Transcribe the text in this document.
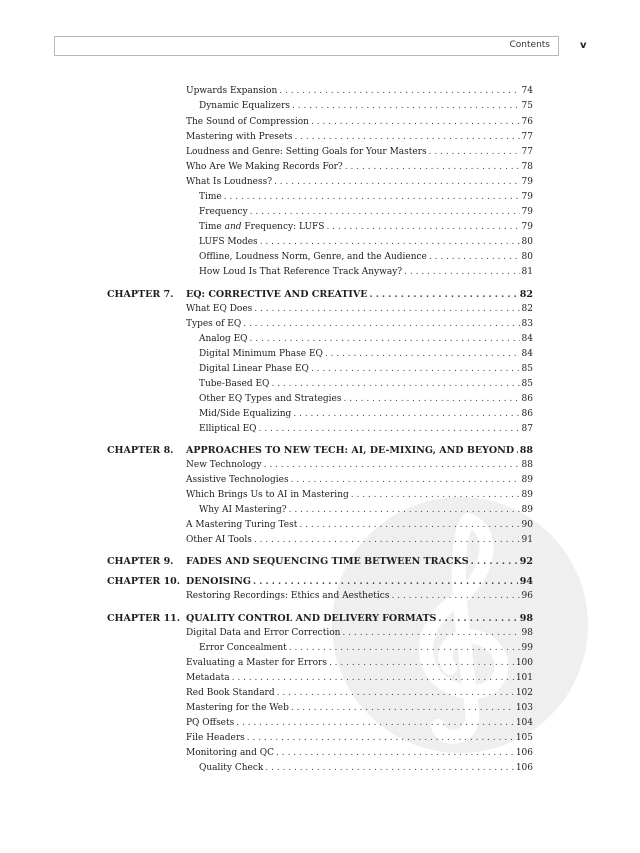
Contents	v
Upwards Expansion . . .	74
Dynamic Equalizers . . .	75
The Sound of Compression . . .	76
Mastering with Presets . . .	77
Loudness and Genre: Setting Goals for Your Masters . . .	77
Who Are We Making Records For? . . .	78
What Is Loudness? . . .	79
Time . . .	79
Frequency . . .	79
Time and Frequency: LUFS . . .	79
LUFS Modes . . .	80
Offline, Loudness Norm, Genre, and the Audience . . .	80
How Loud Is That Reference Track Anyway? . . .	81
CHAPTER 7. EQ: CORRECTIVE AND CREATIVE . . .	82
What EQ Does . . .	82
Types of EQ . . .	83
Analog EQ . . .	84
Digital Minimum Phase EQ . . .	84
Digital Linear Phase EQ . . .	85
Tube-Based EQ . . .	85
Other EQ Types and Strategies . . .	86
Mid/Side Equalizing . . .	86
Elliptical EQ . . .	87
CHAPTER 8. APPROACHES TO NEW TECH: AI, DE-MIXING, AND BEYOND . . . 88
New Technology . . .	88
Assistive Technologies . . .	89
Which Brings Us to AI in Mastering . . .	89
Why AI Mastering? . . .	89
A Mastering Turing Test . . .	90
Other AI Tools . . .	91
CHAPTER 9. FADES AND SEQUENCING TIME BETWEEN TRACKS . . .	92
CHAPTER 10. DENOISING . . .	94
Restoring Recordings: Ethics and Aesthetics . . .	96
CHAPTER 11. QUALITY CONTROL AND DELIVERY FORMATS . . .	98
Digital Data and Error Correction . . .	98
Error Concealment . . .	99
Evaluating a Master for Errors . . .	100
Metadata . . .	101
Red Book Standard . . .	102
Mastering for the Web . . .	103
PQ Offsets . . .	104
File Headers . . .	105
Monitoring and QC . . .	106
Quality Check . . .	106
